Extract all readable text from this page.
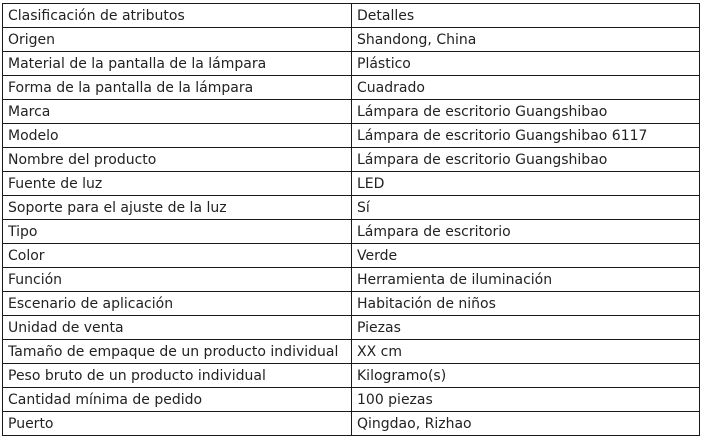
Clasificación de atributos	Detalles
Origen	Shandong, China
Material de la pantalla de la lámpara	Plástico
Forma de la pantalla de la lámpara	Cuadrado
Marca	Lámpara de escritorio Guangshibao
Modelo	Lámpara de escritorio Guangshibao 6117
Nombre del producto	Lámpara de escritorio Guangshibao
Fuente de luz	LED
Soporte para el ajuste de la luz	Sí
Tipo	Lámpara de escritorio
Color	Verde
Función	Herramienta de iluminación
Escenario de aplicación	Habitación de niños
Unidad de venta	Piezas
Tamaño de empaque de un producto individual	XX cm
Peso bruto de un producto individual	Kilogramo(s)
Cantidad mínima de pedido	100 piezas
Puerto	Qingdao, Rizhao
